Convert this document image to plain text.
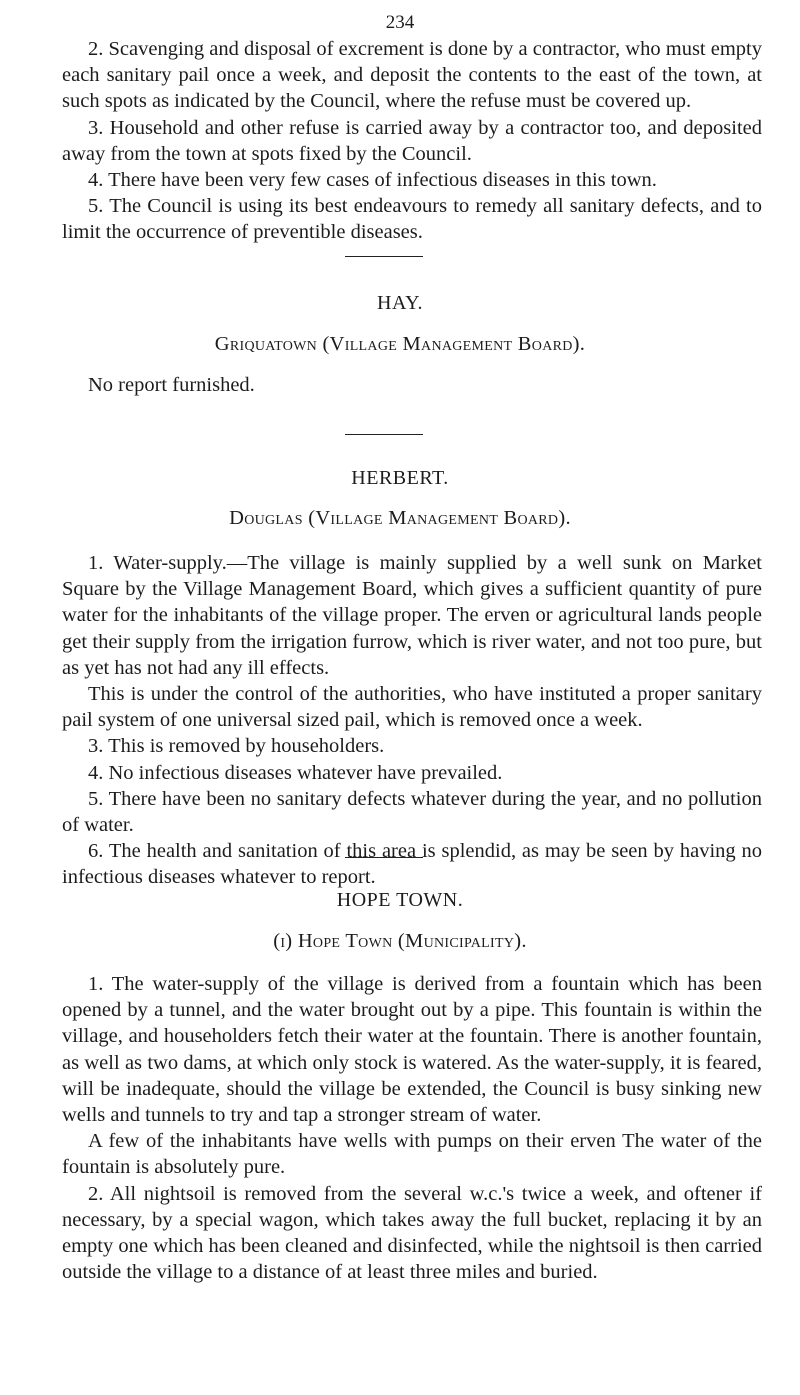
234

2. Scavenging and disposal of excrement is done by a contractor, who must empty each sanitary pail once a week, and deposit the contents to the east of the town, at such spots as indicated by the Council, where the refuse must be covered up.

3. Household and other refuse is carried away by a contractor too, and deposited away from the town at spots fixed by the Council.

4. There have been very few cases of infectious diseases in this town.

5. The Council is using its best endeavours to remedy all sanitary defects, and to limit the occurrence of preventible diseases.

HAY.
Griquatown (Village Management Board).

No report furnished.

HERBERT.
Douglas (Village Management Board).

1. Water-supply.—The village is mainly supplied by a well sunk on Market Square by the Village Management Board, which gives a sufficient quantity of pure water for the inhabitants of the village proper. The erven or agricultural lands people get their supply from the irrigation furrow, which is river water, and not too pure, but as yet has not had any ill effects.

This is under the control of the authorities, who have instituted a proper sanitary pail system of one universal sized pail, which is removed once a week.

3. This is removed by householders.

4. No infectious diseases whatever have prevailed.

5. There have been no sanitary defects whatever during the year, and no pollution of water.

6. The health and sanitation of this area is splendid, as may be seen by having no infectious diseases whatever to report.

HOPE TOWN.
(i) Hope Town (Municipality).

1. The water-supply of the village is derived from a fountain which has been opened by a tunnel, and the water brought out by a pipe. This fountain is within the village, and householders fetch their water at the fountain. There is another fountain, as well as two dams, at which only stock is watered. As the water-supply, it is feared, will be inadequate, should the village be extended, the Council is busy sinking new wells and tunnels to try and tap a stronger stream of water.

A few of the inhabitants have wells with pumps on their erven The water of the fountain is absolutely pure.

2. All nightsoil is removed from the several w.c.'s twice a week, and oftener if necessary, by a special wagon, which takes away the full bucket, replacing it by an empty one which has been cleaned and disinfected, while the nightsoil is then carried outside the village to a distance of at least three miles and buried.
